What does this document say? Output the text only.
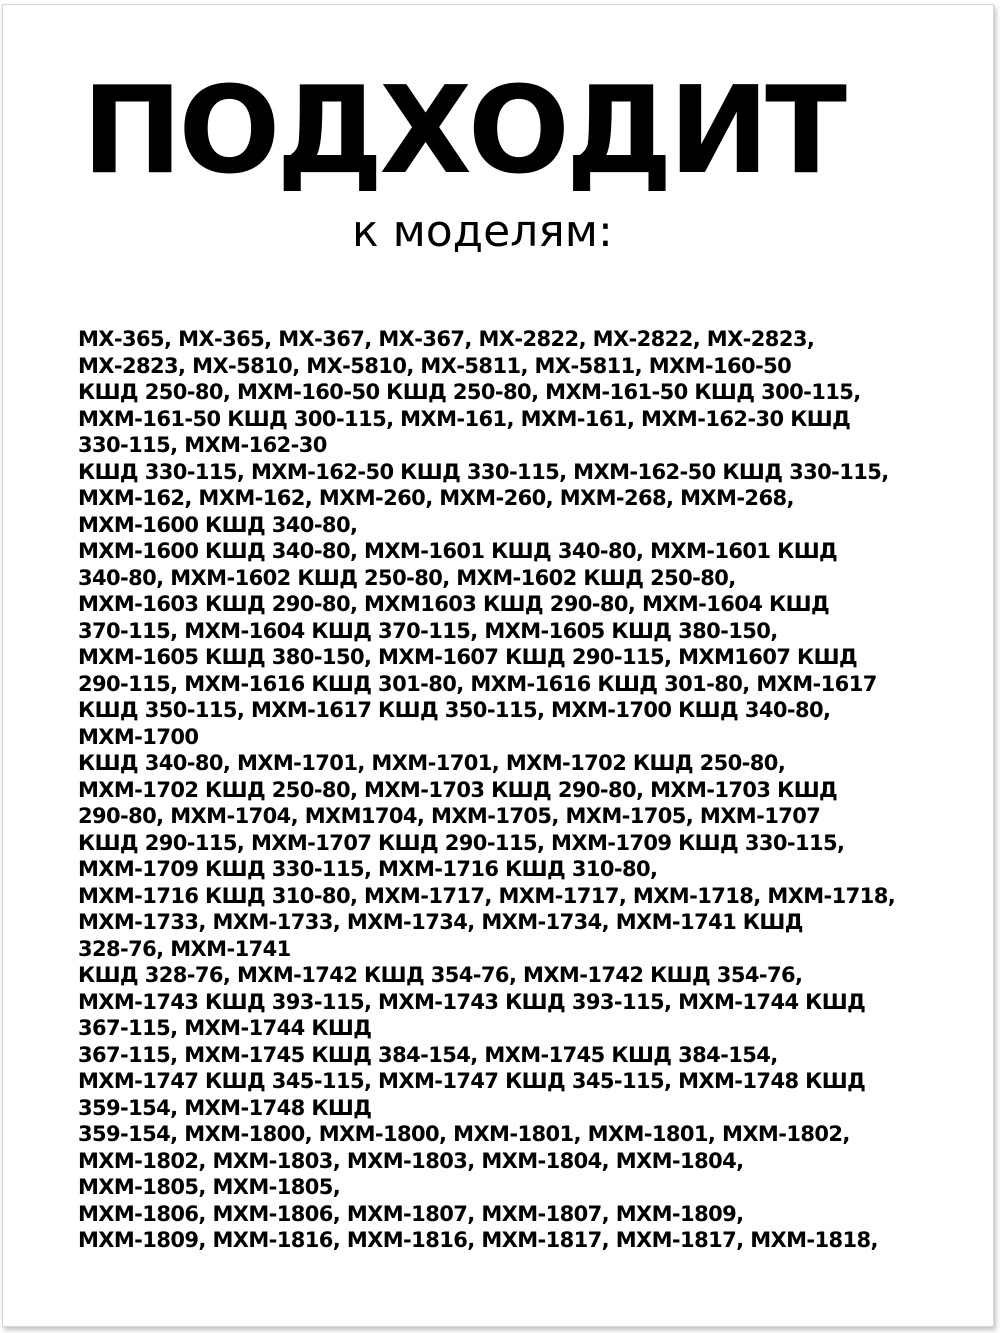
ПОДХОДИТ
к моделям:
МХ-365, МХ-365, МХ-367, МХ-367, МХ-2822, МХ-2822, МХ-2823,
МХ-2823, МХ-5810, МХ-5810, МХ-5811, МХ-5811, МХМ-160-50
КШД 250-80, МХМ-160-50 КШД 250-80, МХМ-161-50 КШД 300-115,
МХМ-161-50 КШД 300-115, МХМ-161, МХМ-161, МХМ-162-30 КШД
330-115, МХМ-162-30
КШД 330-115, МХМ-162-50 КШД 330-115, МХМ-162-50 КШД 330-115,
МХМ-162, МХМ-162, МХМ-260, МХМ-260, МХМ-268, МХМ-268,
МХМ-1600 КШД 340-80,
МХМ-1600 КШД 340-80, МХМ-1601 КШД 340-80, МХМ-1601 КШД
340-80, МХМ-1602 КШД 250-80, МХМ-1602 КШД 250-80,
МХМ-1603 КШД 290-80, МХМ1603 КШД 290-80, МХМ-1604 КШД
370-115, МХМ-1604 КШД 370-115, МХМ-1605 КШД 380-150,
МХМ-1605 КШД 380-150, МХМ-1607 КШД 290-115, МХМ1607 КШД
290-115, МХМ-1616 КШД 301-80, МХМ-1616 КШД 301-80, МХМ-1617
КШД 350-115, МХМ-1617 КШД 350-115, МХМ-1700 КШД 340-80,
МХМ-1700
КШД 340-80, МХМ-1701, МХМ-1701, МХМ-1702 КШД 250-80,
МХМ-1702 КШД 250-80, МХМ-1703 КШД 290-80, МХМ-1703 КШД
290-80, МХМ-1704, МХМ1704, МХМ-1705, МХМ-1705, МХМ-1707
КШД 290-115, МХМ-1707 КШД 290-115, МХМ-1709 КШД 330-115,
МХМ-1709 КШД 330-115, МХМ-1716 КШД 310-80,
МХМ-1716 КШД 310-80, МХМ-1717, МХМ-1717, МХМ-1718, МХМ-1718,
МХМ-1733, МХМ-1733, МХМ-1734, МХМ-1734, МХМ-1741 КШД
328-76, МХМ-1741
КШД 328-76, МХМ-1742 КШД 354-76, МХМ-1742 КШД 354-76,
МХМ-1743 КШД 393-115, МХМ-1743 КШД 393-115, МХМ-1744 КШД
367-115, МХМ-1744 КШД
367-115, МХМ-1745 КШД 384-154, МХМ-1745 КШД 384-154,
МХМ-1747 КШД 345-115, МХМ-1747 КШД 345-115, МХМ-1748 КШД
359-154, МХМ-1748 КШД
359-154, МХМ-1800, МХМ-1800, МХМ-1801, МХМ-1801, МХМ-1802,
МХМ-1802, МХМ-1803, МХМ-1803, МХМ-1804, МХМ-1804,
МХМ-1805, МХМ-1805,
МХМ-1806, МХМ-1806, МХМ-1807, МХМ-1807, МХМ-1809,
МХМ-1809, МХМ-1816, МХМ-1816, МХМ-1817, МХМ-1817, МХМ-1818,
